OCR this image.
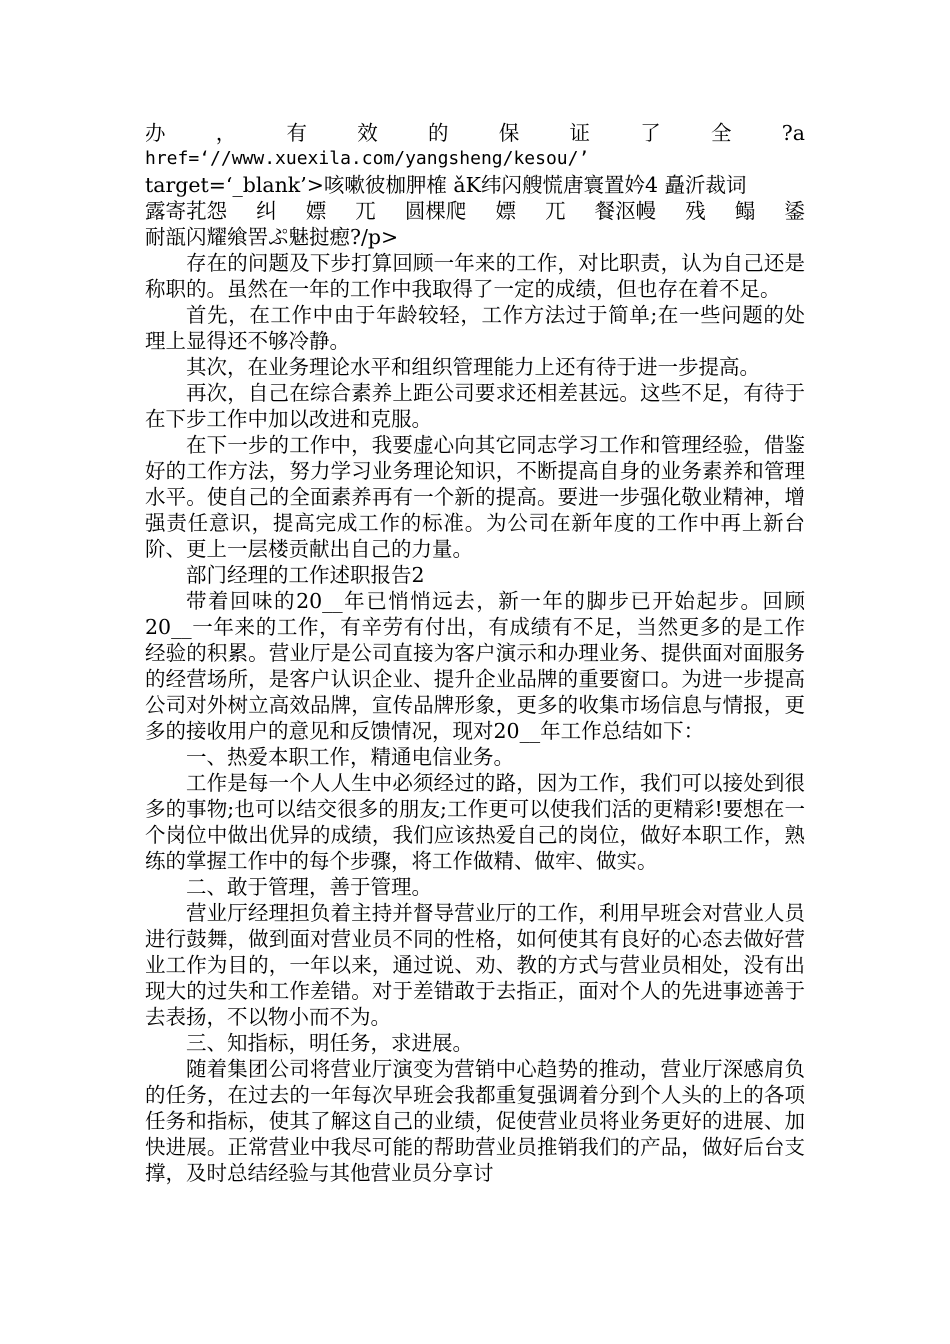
办 ， 有 效 的 保 证 了 全 ?a
href=‘//www.xuexila.com/yangsheng/kesou/’
target=‘_blank’>咳嗽彼枷胛榷 ǎK纬闪艘慌唐寰置妗4 矗沂裁词
露寄芤怨 纠 嫖 兀 圆棵爬 嫖 兀 餐沤幔 残 鳎 鋈
耐瓿闪耀飨罟ぷ魅挝瘛?/p>

存在的问题及下步打算回顾一年来的工作，对比职责，认为自己还是称职的。虽然在一年的工作中我取得了一定的成绩，但也存在着不足。

首先，在工作中由于年龄较轻，工作方法过于简单;在一些问题的处理上显得还不够冷静。

其次，在业务理论水平和组织管理能力上还有待于进一步提高。

再次，自己在综合素养上距公司要求还相差甚远。这些不足，有待于在下步工作中加以改进和克服。

在下一步的工作中，我要虚心向其它同志学习工作和管理经验，借鉴好的工作方法，努力学习业务理论知识，不断提高自身的业务素养和管理水平。使自己的全面素养再有一个新的提高。要进一步强化敬业精神，增强责任意识，提高完成工作的标准。为公司在新年度的工作中再上新台阶、更上一层楼贡献出自己的力量。

部门经理的工作述职报告2

带着回味的20__年已悄悄远去，新一年的脚步已开始起步。回顾20__一年来的工作，有辛劳有付出，有成绩有不足，当然更多的是工作经验的积累。营业厅是公司直接为客户演示和办理业务、提供面对面服务的经营场所，是客户认识企业、提升企业品牌的重要窗口。为进一步提高公司对外树立高效品牌，宣传品牌形象，更多的收集市场信息与情报，更多的接收用户的意见和反馈情况，现对20__年工作总结如下：

一、热爱本职工作，精通电信业务。

工作是每一个人人生中必须经过的路，因为工作，我们可以接处到很多的事物;也可以结交很多的朋友;工作更可以使我们活的更精彩!要想在一个岗位中做出优异的成绩，我们应该热爱自己的岗位，做好本职工作，熟练的掌握工作中的每个步骤，将工作做精、做牢、做实。

二、敢于管理，善于管理。

营业厅经理担负着主持并督导营业厅的工作，利用早班会对营业人员进行鼓舞，做到面对营业员不同的性格，如何使其有良好的心态去做好营业工作为目的，一年以来，通过说、劝、教的方式与营业员相处，没有出现大的过失和工作差错。对于差错敢于去指正，面对个人的先进事迹善于去表扬，不以物小而不为。

三、知指标，明任务，求进展。

随着集团公司将营业厅演变为营销中心趋势的推动，营业厅深感肩负的任务，在过去的一年每次早班会我都重复强调着分到个人头的上的各项任务和指标，使其了解这自己的业绩，促使营业员将业务更好的进展、加快进展。正常营业中我尽可能的帮助营业员推销我们的产品，做好后台支撑，及时总结经验与其他营业员分享讨
